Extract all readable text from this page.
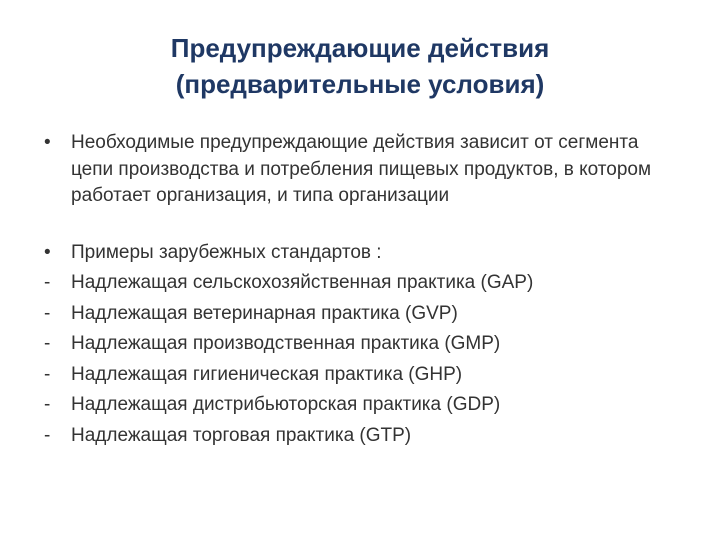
Предупреждающие действия
(предварительные условия)
•	Необходимые предупреждающие действия зависит от сегмента цепи производства и потребления пищевых продуктов, в котором работает организация, и типа организации
•	Примеры зарубежных стандартов :
-	Надлежащая сельскохозяйственная практика (GAP)
-	Надлежащая ветеринарная практика (GVP)
-	Надлежащая производственная практика (GMP)
-	Надлежащая гигиеническая практика (GHP)
-	Надлежащая дистрибьюторская практика (GDP)
-	Надлежащая торговая практика (GTP)
